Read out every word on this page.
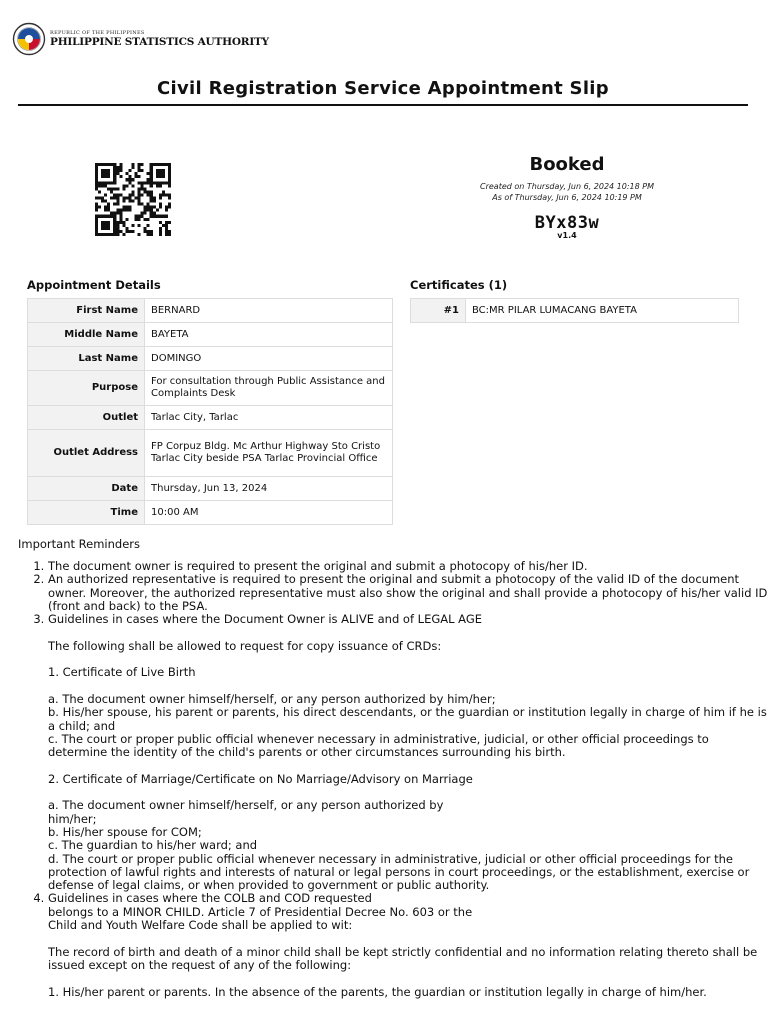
REPUBLIC OF THE PHILIPPINES
PHILIPPINE STATISTICS AUTHORITY
Civil Registration Service Appointment Slip
Booked
Created on Thursday, Jun 6, 2024 10:18 PM
As of Thursday, Jun 6, 2024 10:19 PM
BYx83w
v1.4
Appointment Details	Certificates (1)
First Name	BERNARD
Middle Name	BAYETA
Last Name	DOMINGO
Purpose	For consultation through Public Assistance and Complaints Desk
Outlet	Tarlac City, Tarlac
Outlet Address	FP Corpuz Bldg. Mc Arthur Highway Sto Cristo Tarlac City beside PSA Tarlac Provincial Office
Date	Thursday, Jun 13, 2024
Time	10:00 AM
#1	BC:MR PILAR LUMACANG BAYETA
Important Reminders
1. The document owner is required to present the original and submit a photocopy of his/her ID.
2. An authorized representative is required to present the original and submit a photocopy of the valid ID of the document owner. Moreover, the authorized representative must also show the original and shall provide a photocopy of his/her valid ID (front and back) to the PSA.
3. Guidelines in cases where the Document Owner is ALIVE and of LEGAL AGE

The following shall be allowed to request for copy issuance of CRDs:

1. Certificate of Live Birth

a. The document owner himself/herself, or any person authorized by him/her;
b. His/her spouse, his parent or parents, his direct descendants, or the guardian or institution legally in charge of him if he is a child; and
c. The court or proper public official whenever necessary in administrative, judicial, or other official proceedings to determine the identity of the child's parents or other circumstances surrounding his birth.

2. Certificate of Marriage/Certificate on No Marriage/Advisory on Marriage

a. The document owner himself/herself, or any person authorized by
him/her;
b. His/her spouse for COM;
c. The guardian to his/her ward; and
d. The court or proper public official whenever necessary in administrative, judicial or other official proceedings for the protection of lawful rights and interests of natural or legal persons in court proceedings, or the establishment, exercise or defense of legal claims, or when provided to government or public authority.
4. Guidelines in cases where the COLB and COD requested
belongs to a MINOR CHILD. Article 7 of Presidential Decree No. 603 or the
Child and Youth Welfare Code shall be applied to wit:

The record of birth and death of a minor child shall be kept strictly confidential and no information relating thereto shall be issued except on the request of any of the following:

1. His/her parent or parents. In the absence of the parents, the guardian or institution legally in charge of him/her.
